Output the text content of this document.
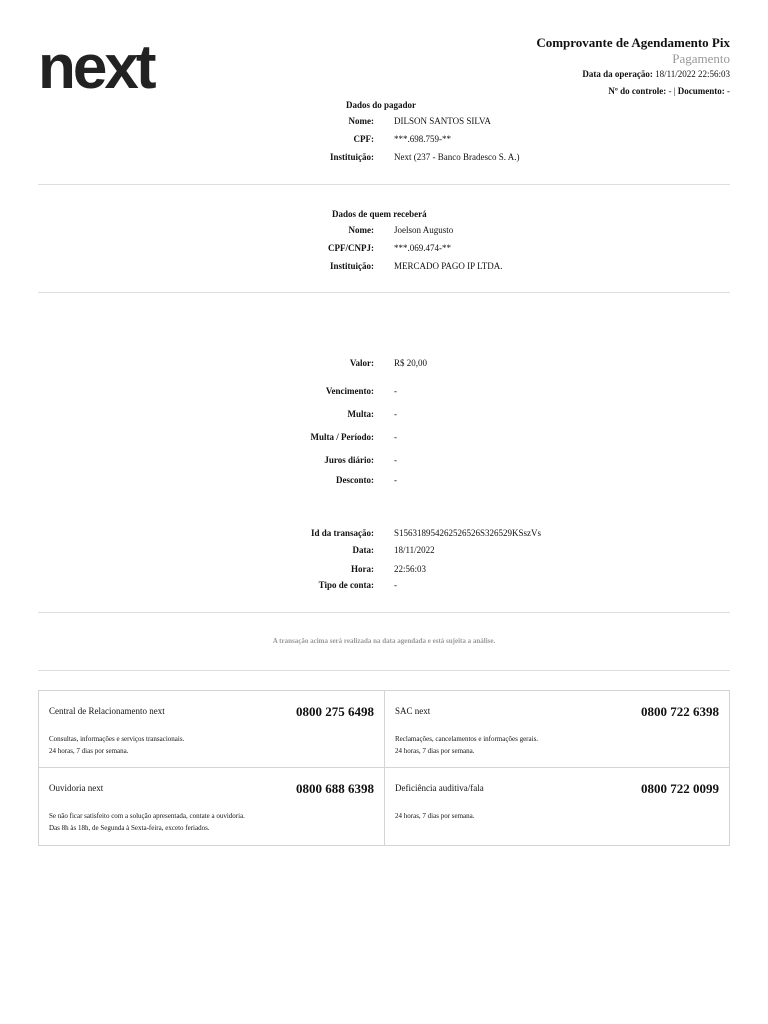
next	Comprovante de Agendamento Pix
Pagamento
Data da operação: 18/11/2022 22:56:03
Nº do controle: - | Documento: -
Dados do pagador
Nome: DILSON SANTOS SILVA
CPF: ***.698.759-**
Instituição: Next (237 - Banco Bradesco S. A.)
Dados de quem receberá
Nome: Joelson Augusto
CPF/CNPJ: ***.069.474-**
Instituição: MERCADO PAGO IP LTDA.
Valor: R$ 20,00
Vencimento: -
Multa: -
Multa / Período: -
Juros diário: -
Desconto: -
Id da transação: S156318954262526526S326529KSszVs
Data: 18/11/2022
Hora: 22:56:03
Tipo de conta: -
A transação acima será realizada na data agendada e está sujeita a análise.
Central de Relacionamento next	0800 275 6498
Consultas, informações e serviços transacionais.
24 horas, 7 dias por semana.
SAC next	0800 722 6398
Reclamações, cancelamentos e informações gerais.
24 horas, 7 dias por semana.
Ouvidoria next	0800 688 6398
Se não ficar satisfeito com a solução apresentada, contate a ouvidoria.
Das 8h às 18h, de Segunda à Sexta-feira, exceto feriados.
Deficiência auditiva/fala	0800 722 0099
24 horas, 7 dias por semana.
